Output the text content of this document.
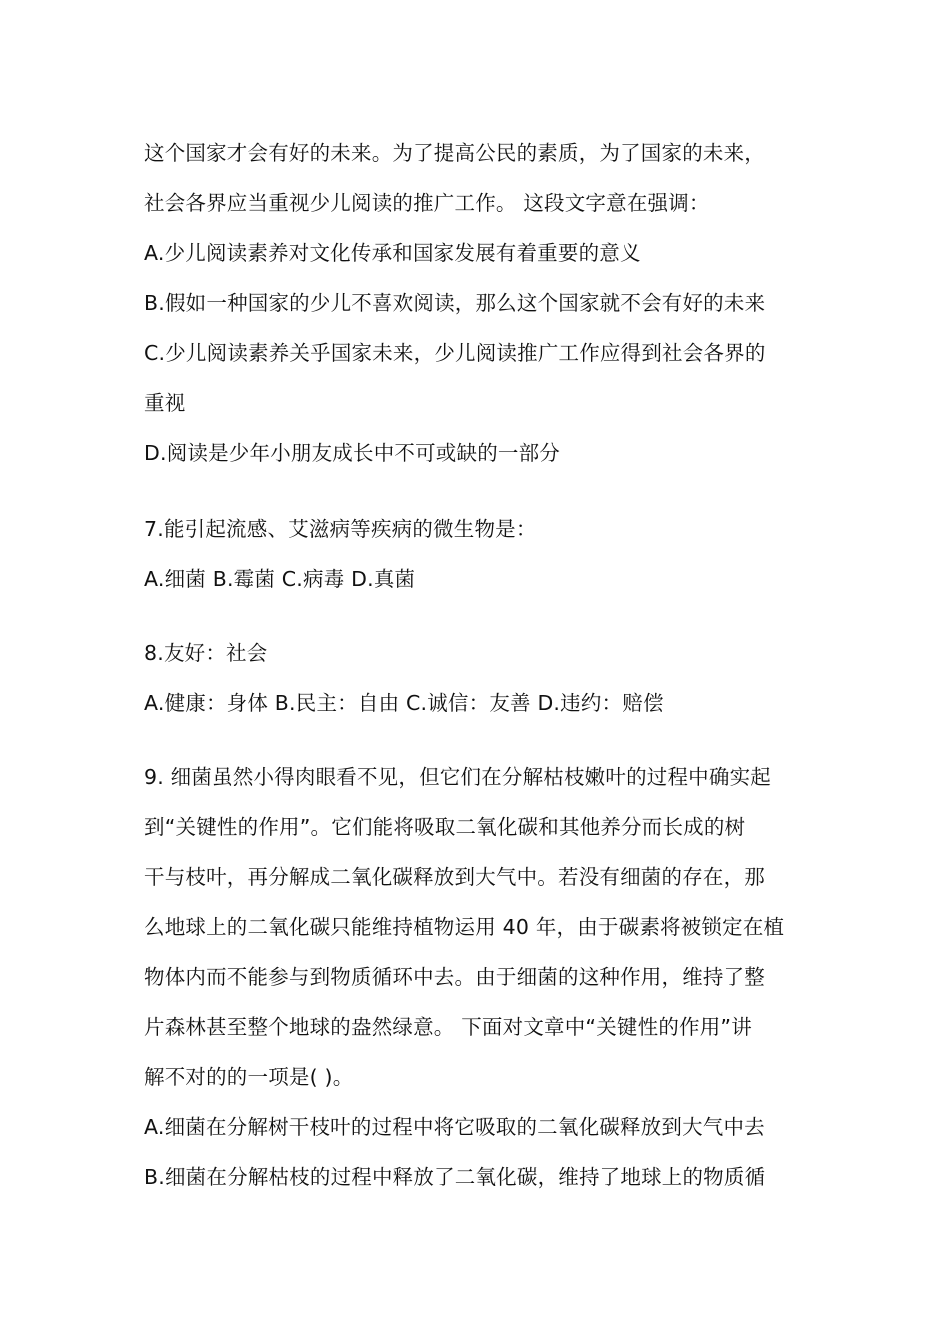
这个国家才会有好的未来。为了提高公民的素质，为了国家的未来，
社会各界应当重视少儿阅读的推广工作。 这段文字意在强调：
A.少儿阅读素养对文化传承和国家发展有着重要的意义
B.假如一种国家的少儿不喜欢阅读，那么这个国家就不会有好的未来
C.少儿阅读素养关乎国家未来，少儿阅读推广工作应得到社会各界的
重视
D.阅读是少年小朋友成长中不可或缺的一部分
7.能引起流感、艾滋病等疾病的微生物是：
A.细菌 B.霉菌 C.病毒 D.真菌
8.友好：社会
A.健康：身体 B.民主：自由 C.诚信：友善 D.违约：赔偿
9. 细菌虽然小得肉眼看不见，但它们在分解枯枝嫩叶的过程中确实起
到“关键性的作用”。它们能将吸取二氧化碳和其他养分而长成的树
干与枝叶，再分解成二氧化碳释放到大气中。若没有细菌的存在，那
么地球上的二氧化碳只能维持植物运用 40 年，由于碳素将被锁定在植
物体内而不能参与到物质循环中去。由于细菌的这种作用，维持了整
片森林甚至整个地球的盎然绿意。 下面对文章中“关键性的作用”讲
解不对的的一项是( )。
A.细菌在分解树干枝叶的过程中将它吸取的二氧化碳释放到大气中去
B.细菌在分解枯枝的过程中释放了二氧化碳，维持了地球上的物质循
